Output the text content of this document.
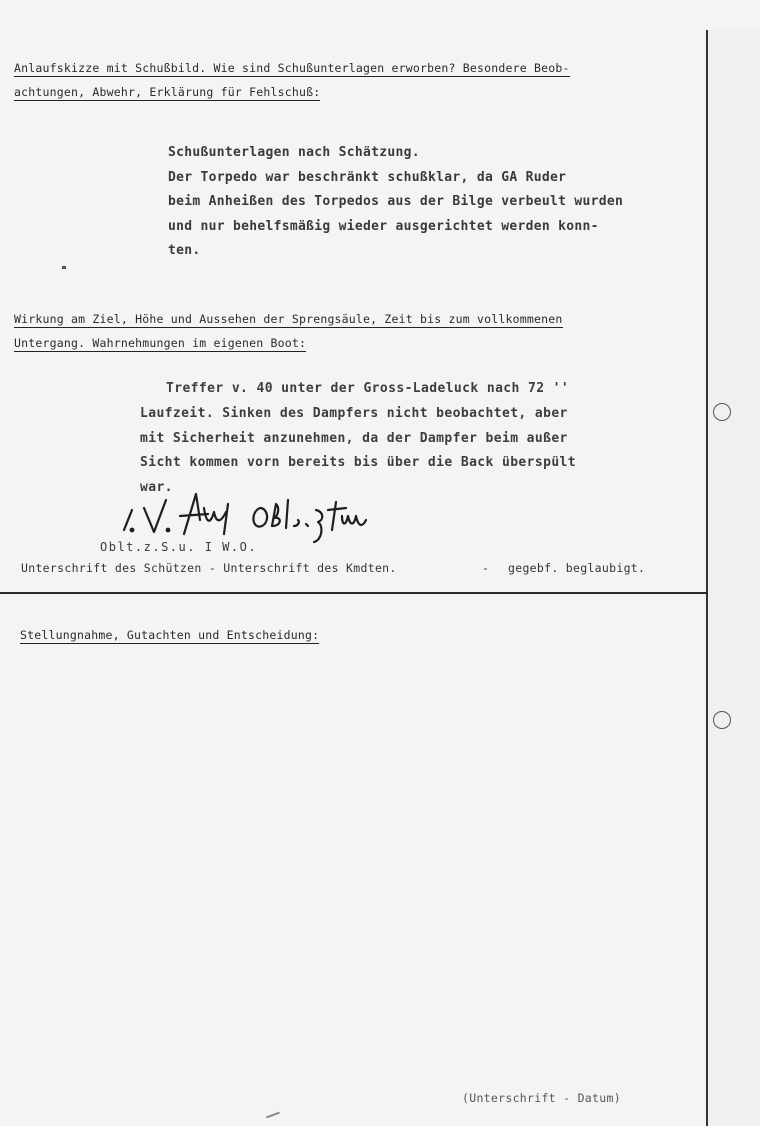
Anlaufskizze mit Schußbild. Wie sind Schußunterlagen erworben? Besondere Beob-
achtungen, Abwehr, Erklärung für Fehlschuß:
Schußunterlagen nach Schätzung.
Der Torpedo war beschränkt schußklar, da GA Ruder
beim Anheißen des Torpedos aus der Bilge verbeult wurden
und nur behelfsmäßig wieder ausgerichtet werden konn-
ten.
Wirkung am Ziel, Höhe und Aussehen der Sprengsäule, Zeit bis zum vollkommenen
Untergang. Wahrnehmungen im eigenen Boot:
Treffer v. 40 unter der Gross-Ladeluck nach 72 ''
Laufzeit. Sinken des Dampfers nicht beobachtet, aber
mit Sicherheit anzunehmen, da der Dampfer beim außer
Sicht kommen vorn bereits bis über die Back überspült
war.
Oblt.z.S.u. I W.O.
Unterschrift des Schützen - Unterschrift des Kmdten.	- gegebf. beglaubigt.
Stellungnahme, Gutachten und Entscheidung:
(Unterschrift - Datum)
